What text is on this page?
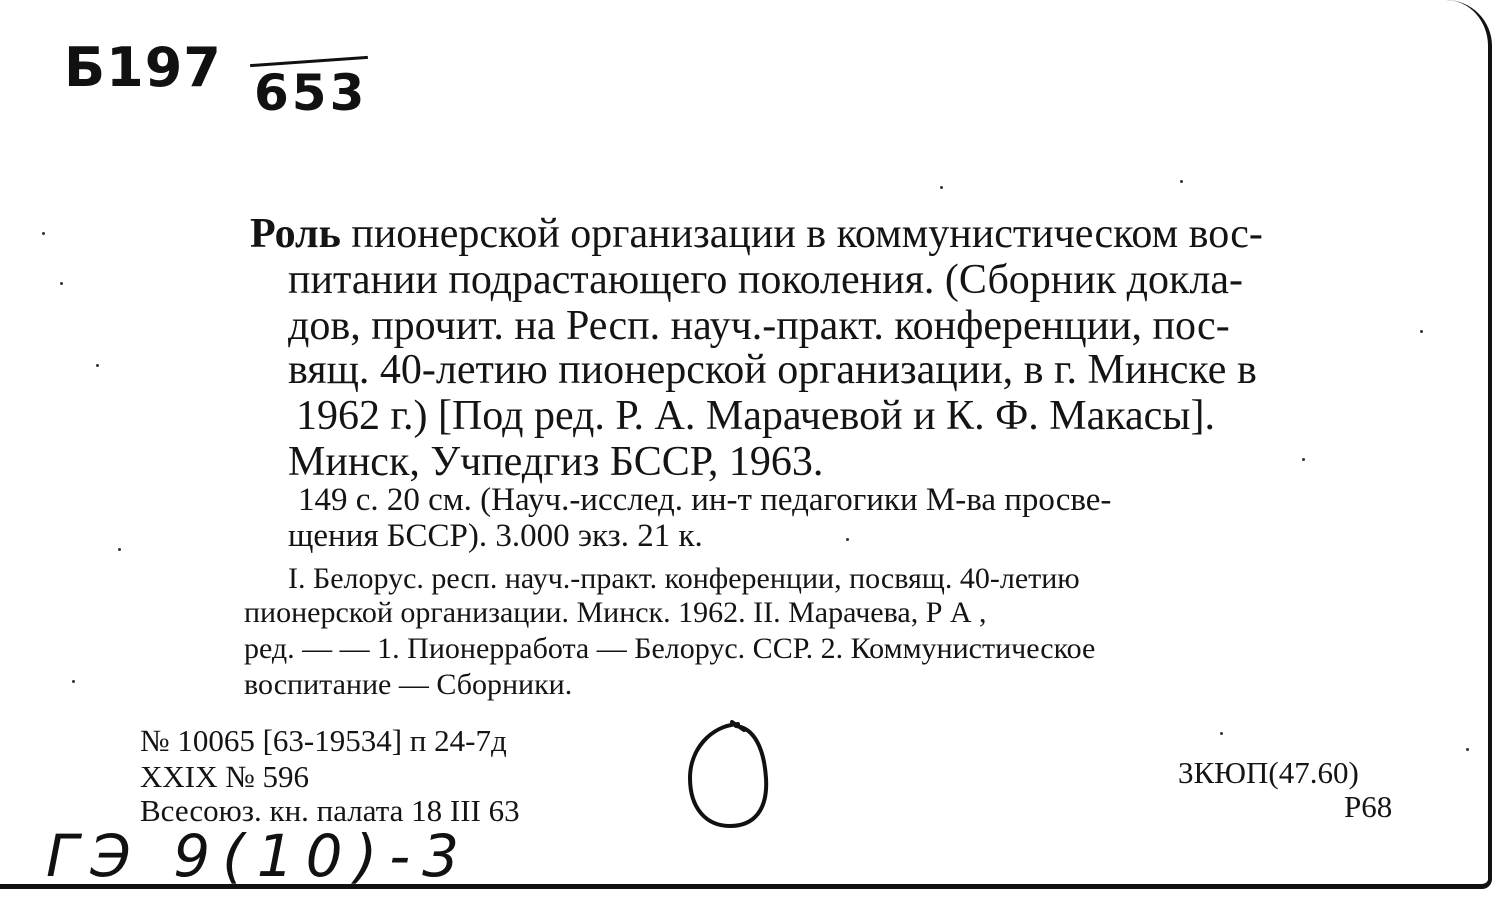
Б197 653
Роль пионерской организации в коммунистическом вос-
питании подрастающего поколения. (Сборник докла-
дов, прочит. на Респ. науч.-практ. конференции, пос-
вящ. 40-летию пионерской организации, в г. Минске в
1962 г.) [Под ред. Р. А. Марачевой и К. Ф. Макасы].
Минск, Учпедгиз БССР, 1963.
149 с. 20 см. (Науч.-исслед. ин-т педагогики М-ва просве-
щения БССР). 3.000 экз. 21 к.
I. Белорус. респ. науч.-практ. конференции, посвящ. 40-летию
пионерской организации. Минск. 1962. II. Марачева, Р А ,
ред. — — 1. Пионерработа — Белорус. ССР. 2. Коммунистическое
воспитание — Сборники.
№ 10065 [63-19534] п 24-7д
XXIX № 596
Всесоюз. кн. палата 18 III 63
3КЮП(47.60)
Р68
ГЭ 9(10)-3
